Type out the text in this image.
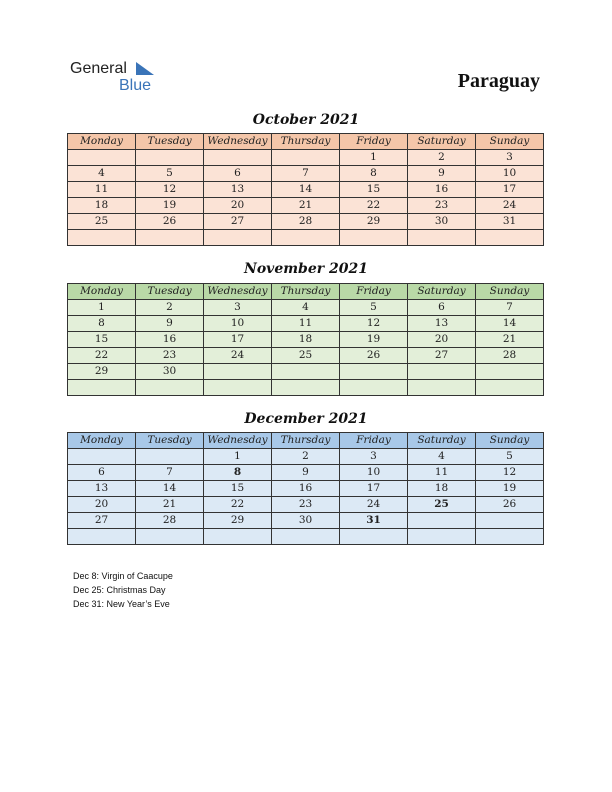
General
Blue	Paraguay
October 2021
Monday	Tuesday	Wednesday	Thursday	Friday	Saturday	Sunday
				1	2	3
4	5	6	7	8	9	10
11	12	13	14	15	16	17
18	19	20	21	22	23	24
25	26	27	28	29	30	31

November 2021
Monday	Tuesday	Wednesday	Thursday	Friday	Saturday	Sunday
1	2	3	4	5	6	7
8	9	10	11	12	13	14
15	16	17	18	19	20	21
22	23	24	25	26	27	28
29	30					

December 2021
Monday	Tuesday	Wednesday	Thursday	Friday	Saturday	Sunday
		1	2	3	4	5
6	7	8	9	10	11	12
13	14	15	16	17	18	19
20	21	22	23	24	25	26
27	28	29	30	31		

Dec 8: Virgin of Caacupe
Dec 25: Christmas Day
Dec 31: New Year’s Eve
